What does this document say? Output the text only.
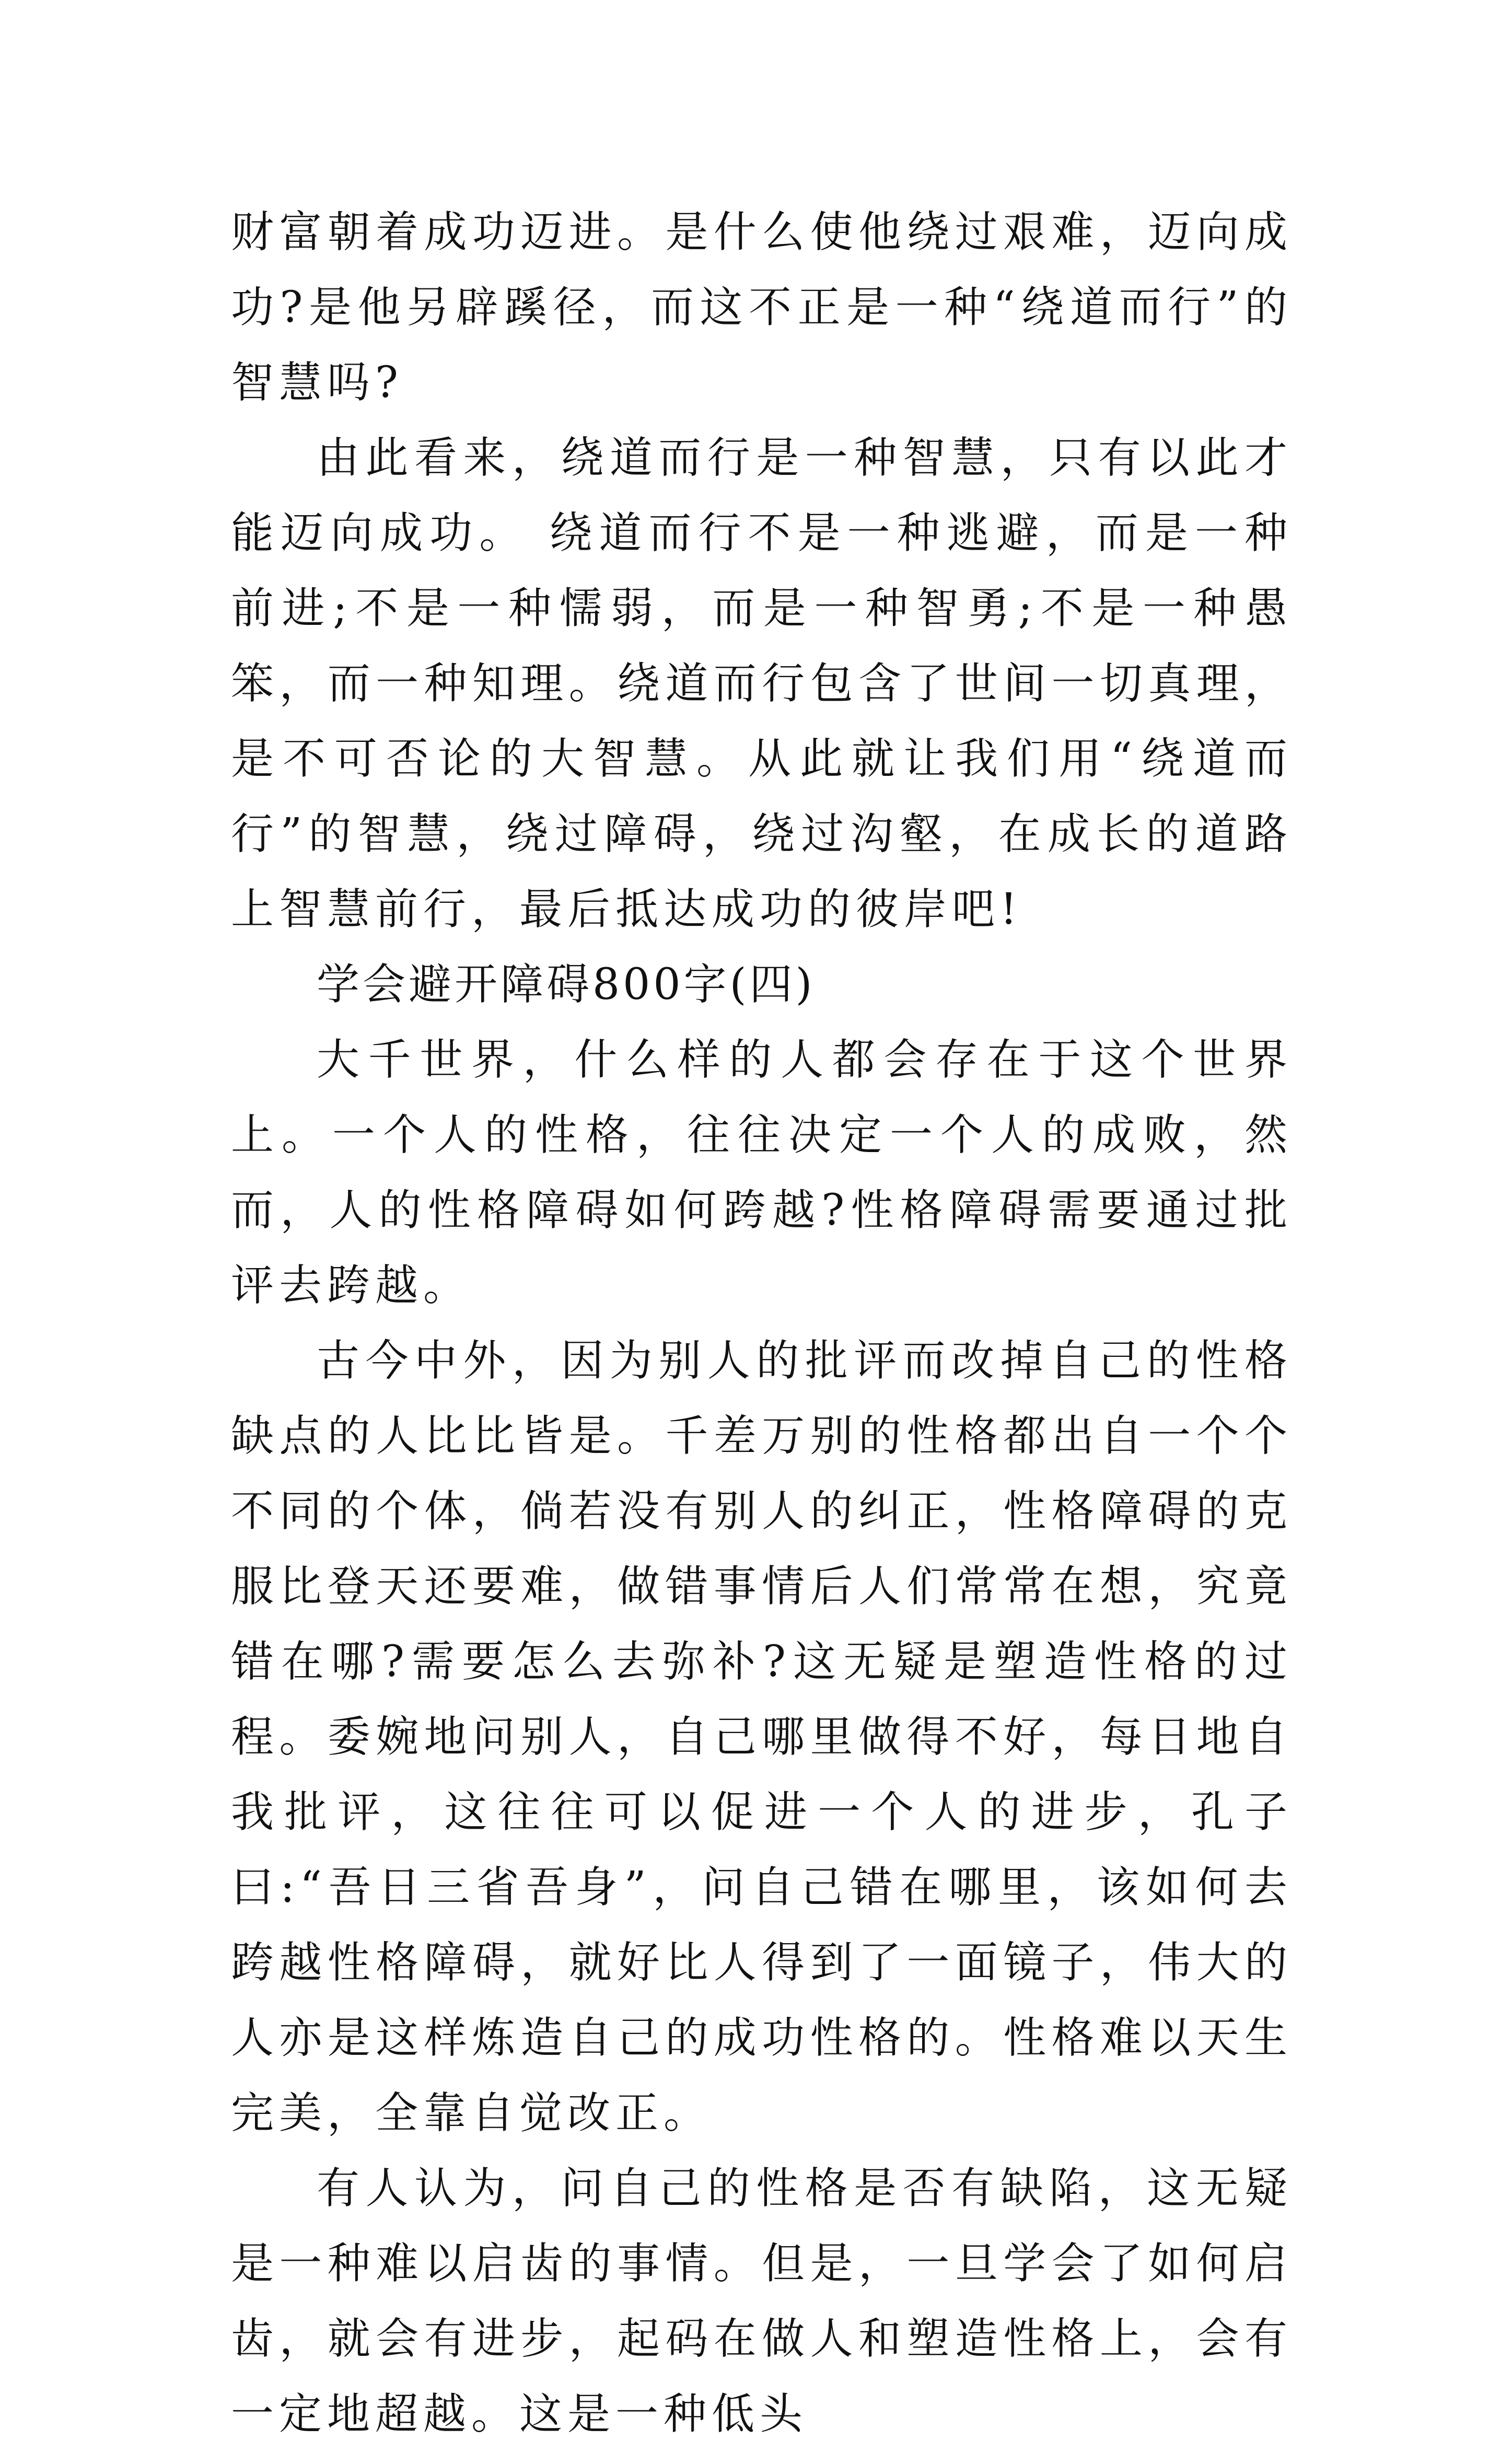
财富朝着成功迈进。是什么使他绕过艰难，迈向成功?是他另辟蹊径，而这不正是一种“绕道而行”的智慧吗?

由此看来，绕道而行是一种智慧，只有以此才能迈向成功。 绕道而行不是一种逃避，而是一种前进;不是一种懦弱，而是一种智勇;不是一种愚笨，而一种知理。绕道而行包含了世间一切真理，是不可否论的大智慧。从此就让我们用“绕道而行”的智慧，绕过障碍，绕过沟壑，在成长的道路上智慧前行，最后抵达成功的彼岸吧!

学会避开障碍800字(四)

大千世界，什么样的人都会存在于这个世界上。一个人的性格，往往决定一个人的成败，然而，人的性格障碍如何跨越?性格障碍需要通过批评去跨越。

古今中外，因为别人的批评而改掉自己的性格缺点的人比比皆是。千差万别的性格都出自一个个不同的个体，倘若没有别人的纠正，性格障碍的克服比登天还要难，做错事情后人们常常在想，究竟错在哪?需要怎么去弥补?这无疑是塑造性格的过程。委婉地问别人，自己哪里做得不好，每日地自我批评，这往往可以促进一个人的进步，孔子曰:“吾日三省吾身”，问自己错在哪里，该如何去跨越性格障碍，就好比人得到了一面镜子，伟大的人亦是这样炼造自己的成功性格的。性格难以天生完美，全靠自觉改正。

有人认为，问自己的性格是否有缺陷，这无疑是一种难以启齿的事情。但是，一旦学会了如何启齿，就会有进步，起码在做人和塑造性格上，会有一定地超越。这是一种低头
